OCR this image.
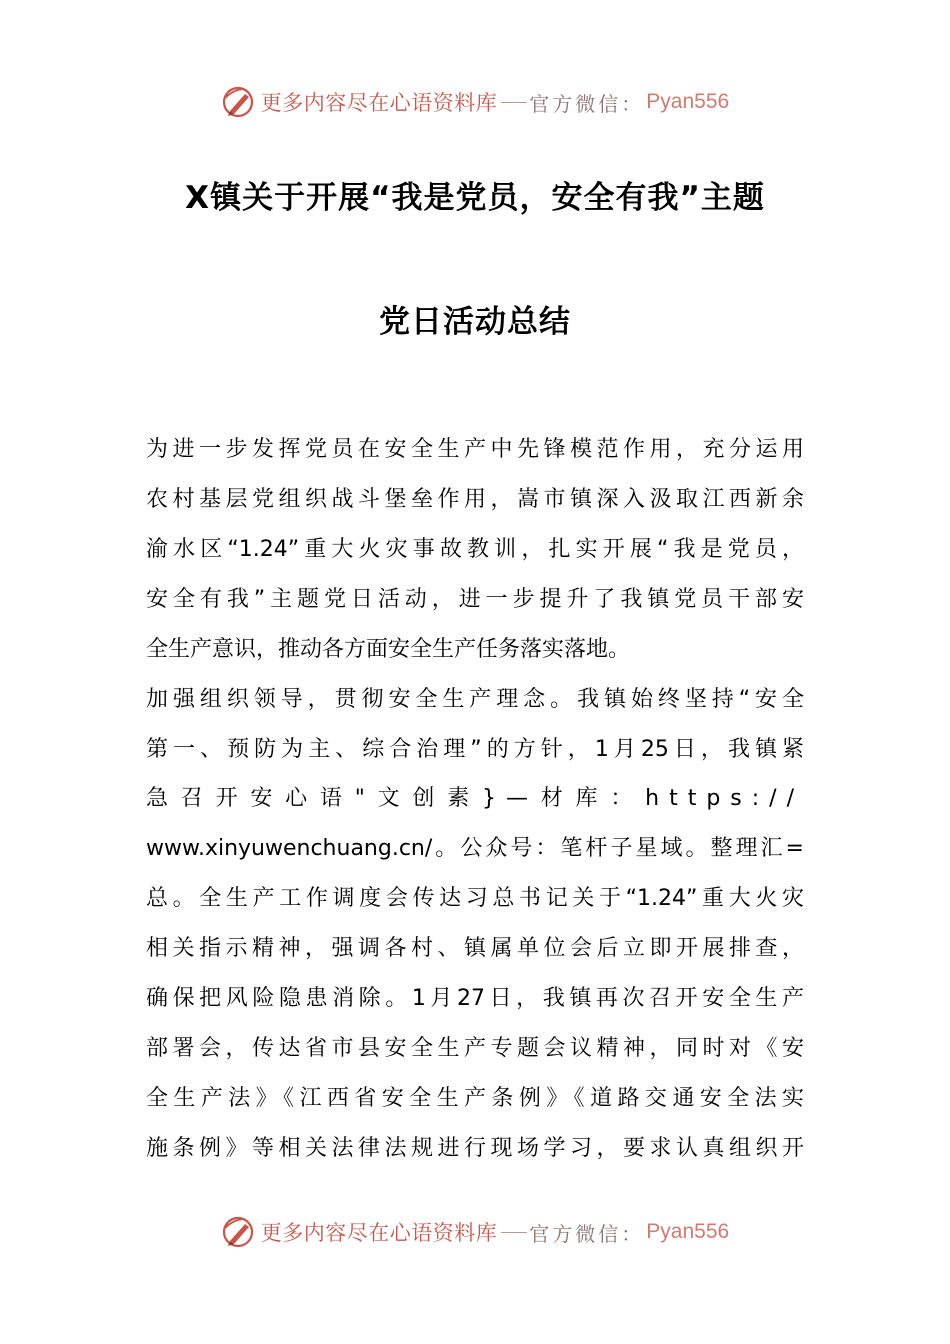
更多内容尽在心语资料库 官方微信： Pyan556
X镇关于开展“我是党员，安全有我”主题
党日活动总结
为进一步发挥党员在安全生产中先锋模范作用，充分运用
农村基层党组织战斗堡垒作用，嵩市镇深入汲取江西新余
渝水区“1.24”重大火灾事故教训，扎实开展“我是党员，
安全有我”主题党日活动，进一步提升了我镇党员干部安
全生产意识，推动各方面安全生产任务落实落地。
加强组织领导，贯彻安全生产理念。我镇始终坚持“安全
第一、预防为主、综合治理”的方针，1月25日，我镇紧
急召开安心语"文创素}—材库：https://
www.xinyuwenchuang.cn/。公众号：笔杆子星域。整理汇=
总。全生产工作调度会传达习总书记关于“1.24”重大火灾
相关指示精神，强调各村、镇属单位会后立即开展排查，
确保把风险隐患消除。1月27日，我镇再次召开安全生产
部署会，传达省市县安全生产专题会议精神，同时对《安
全生产法》《江西省安全生产条例》《道路交通安全法实
施条例》等相关法律法规进行现场学习，要求认真组织开
更多内容尽在心语资料库 官方微信： Pyan556
